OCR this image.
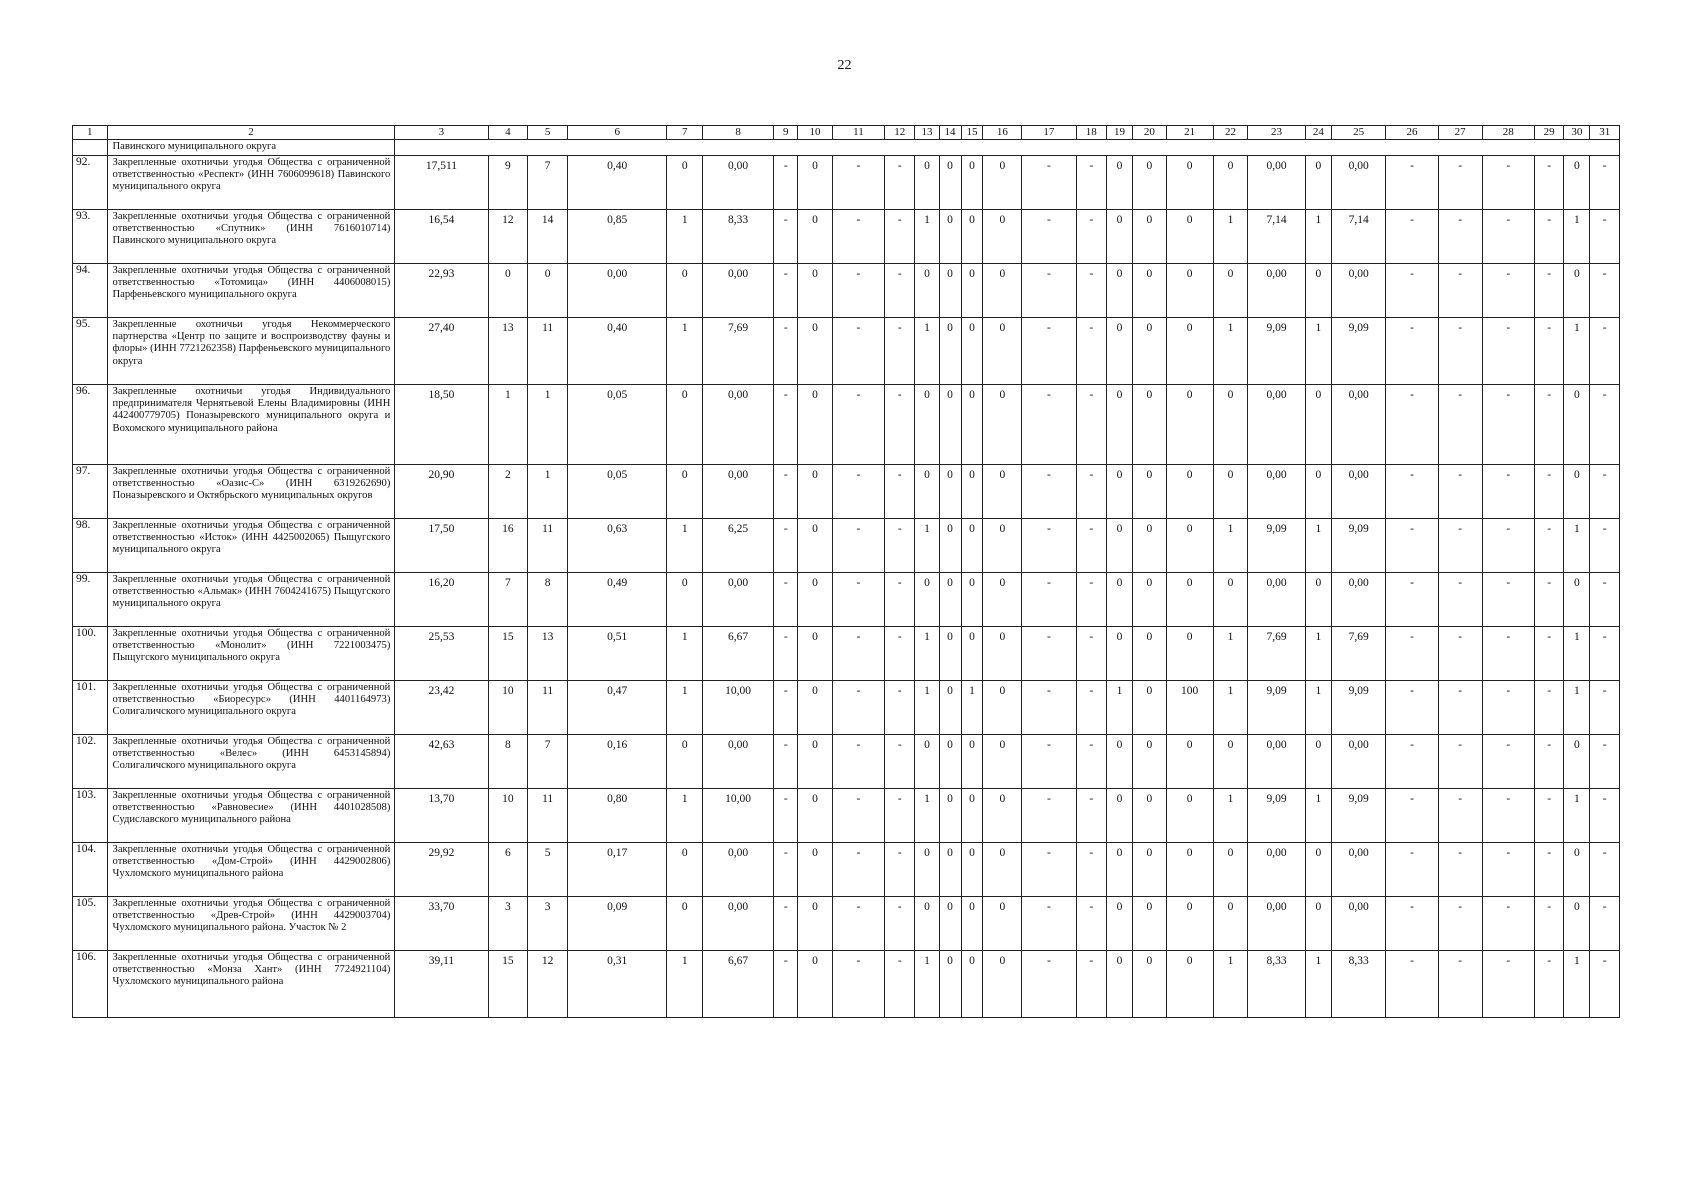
22
1	2	3	4	5	6	7	8	9	10	11	12	13	14	15	16	17	18	19	20	21	22	23	24	25	26	27	28	29	30	31
	Павинского муниципального округа																													
92.	Закрепленные охотничьи угодья Общества с ограниченной ответственностью «Респект» (ИНН 7606099618) Павинского муниципального округа	17,511	9	7	0,40	0	0,00	-	0	-	-	0	0	0	0	-	-	0	0	0	0	0,00	0	0,00	-	-	-	-	0	-
93.	Закрепленные охотничьи угодья Общества с ограниченной ответственностью «Спутник» (ИНН 7616010714) Павинского муниципального округа	16,54	12	14	0,85	1	8,33	-	0	-	-	1	0	0	0	-	-	0	0	0	1	7,14	1	7,14	-	-	-	-	1	-
94.	Закрепленные охотничьи угодья Общества с ограниченной ответственностью «Тотомица» (ИНН 4406008015) Парфеньевского муниципального округа	22,93	0	0	0,00	0	0,00	-	0	-	-	0	0	0	0	-	-	0	0	0	0	0,00	0	0,00	-	-	-	-	0	-
95.	Закрепленные охотничьи угодья Некоммерческого партнерства «Центр по защите и воспроизводству фауны и флоры» (ИНН 7721262358) Парфеньевского муниципального округа	27,40	13	11	0,40	1	7,69	-	0	-	-	1	0	0	0	-	-	0	0	0	1	9,09	1	9,09	-	-	-	-	1	-
96.	Закрепленные охотничьи угодья Индивидуального предпринимателя Чернятьевой Елены Владимировны (ИНН 442400779705) Поназыревского муниципального округа и Вохомского муниципального района	18,50	1	1	0,05	0	0,00	-	0	-	-	0	0	0	0	-	-	0	0	0	0	0,00	0	0,00	-	-	-	-	0	-
97.	Закрепленные охотничьи угодья Общества с ограниченной ответственностью «Оазис-С» (ИНН 6319262690) Поназыревского и Октябрьского муниципальных округов	20,90	2	1	0,05	0	0,00	-	0	-	-	0	0	0	0	-	-	0	0	0	0	0,00	0	0,00	-	-	-	-	0	-
98.	Закрепленные охотничьи угодья Общества с ограниченной ответственностью «Исток» (ИНН 4425002065) Пыщугского муниципального округа	17,50	16	11	0,63	1	6,25	-	0	-	-	1	0	0	0	-	-	0	0	0	1	9,09	1	9,09	-	-	-	-	1	-
99.	Закрепленные охотничьи угодья Общества с ограниченной ответственностью «Альмак» (ИНН 7604241675) Пыщугского муниципального округа	16,20	7	8	0,49	0	0,00	-	0	-	-	0	0	0	0	-	-	0	0	0	0	0,00	0	0,00	-	-	-	-	0	-
100.	Закрепленные охотничьи угодья Общества с ограниченной ответственностью «Монолит» (ИНН 7221003475) Пыщугского муниципального округа	25,53	15	13	0,51	1	6,67	-	0	-	-	1	0	0	0	-	-	0	0	0	1	7,69	1	7,69	-	-	-	-	1	-
101.	Закрепленные охотничьи угодья Общества с ограниченной ответственностью «Биоресурс» (ИНН 4401164973) Солигаличского муниципального округа	23,42	10	11	0,47	1	10,00	-	0	-	-	1	0	1	0	-	-	1	0	100	1	9,09	1	9,09	-	-	-	-	1	-
102.	Закрепленные охотничьи угодья Общества с ограниченной ответственностью «Велес» (ИНН 6453145894) Солигаличского муниципального округа	42,63	8	7	0,16	0	0,00	-	0	-	-	0	0	0	0	-	-	0	0	0	0	0,00	0	0,00	-	-	-	-	0	-
103.	Закрепленные охотничьи угодья Общества с ограниченной ответственностью «Равновесие» (ИНН 4401028508) Судиславского муниципального района	13,70	10	11	0,80	1	10,00	-	0	-	-	1	0	0	0	-	-	0	0	0	1	9,09	1	9,09	-	-	-	-	1	-
104.	Закрепленные охотничьи угодья Общества с ограниченной ответственностью «Дом-Строй» (ИНН 4429002806) Чухломского муниципального района	29,92	6	5	0,17	0	0,00	-	0	-	-	0	0	0	0	-	-	0	0	0	0	0,00	0	0,00	-	-	-	-	0	-
105.	Закрепленные охотничьи угодья Общества с ограниченной ответственностью «Древ-Строй» (ИНН 4429003704) Чухломского муниципального района. Участок № 2	33,70	3	3	0,09	0	0,00	-	0	-	-	0	0	0	0	-	-	0	0	0	0	0,00	0	0,00	-	-	-	-	0	-
106.	Закрепленные охотничьи угодья Общества с ограниченной ответственностью «Монза Хант» (ИНН 7724921104) Чухломского муниципального района	39,11	15	12	0,31	1	6,67	-	0	-	-	1	0	0	0	-	-	0	0	0	1	8,33	1	8,33	-	-	-	-	1	-
